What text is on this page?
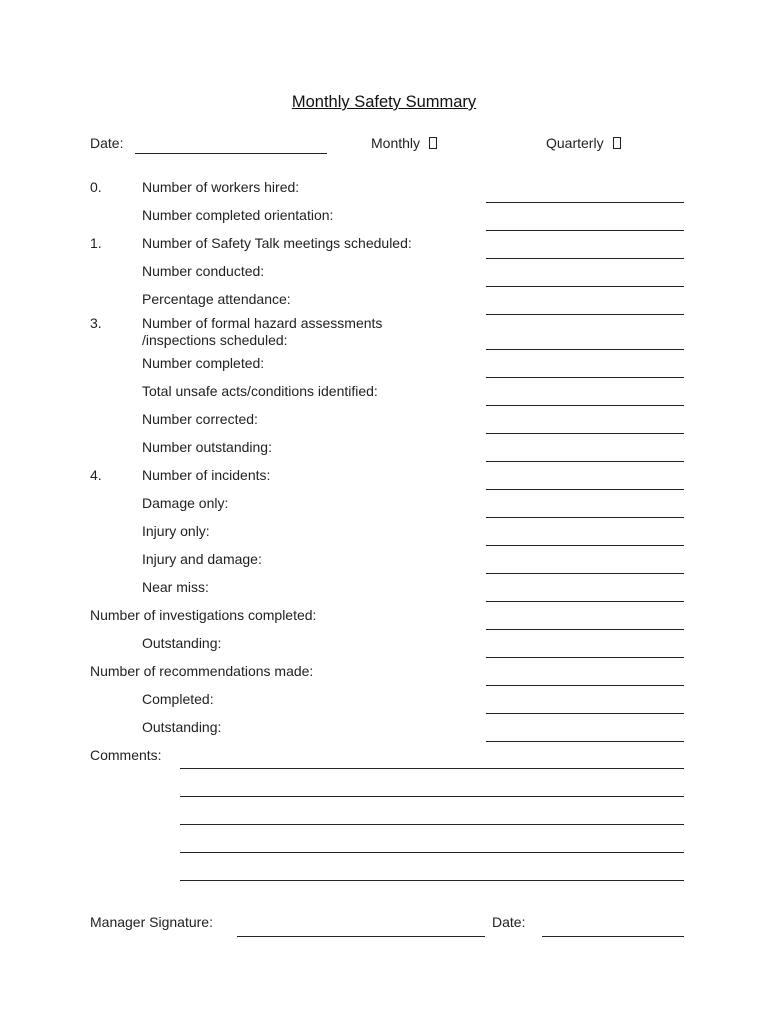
Monthly Safety Summary
Date:	Monthly	Quarterly
0.	Number of workers hired:
Number completed orientation:
1.	Number of Safety Talk meetings scheduled:
Number conducted:
Percentage attendance:
3.	Number of formal hazard assessments
/inspections scheduled:
Number completed:
Total unsafe acts/conditions identified:
Number corrected:
Number outstanding:
4.	Number of incidents:
Damage only:
Injury only:
Injury and damage:
Near miss:
Number of investigations completed:
Outstanding:
Number of recommendations made:
Completed:
Outstanding:
Comments:
Manager Signature:	Date:
